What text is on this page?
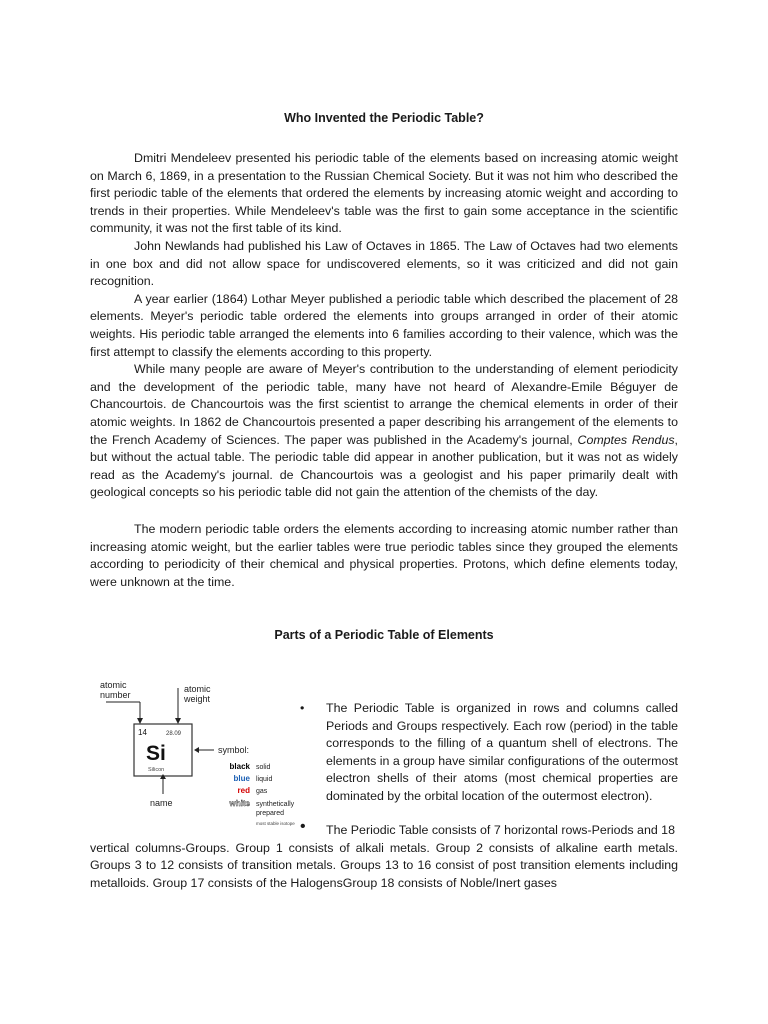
Who Invented the Periodic Table?

Dmitri Mendeleev presented his periodic table of the elements based on increasing atomic weight on March 6, 1869, in a presentation to the Russian Chemical Society. But it was not him who described the first periodic table of the elements that ordered the elements by increasing atomic weight and according to trends in their properties. While Mendeleev's table was the first to gain some acceptance in the scientific community, it was not the first table of its kind.

John Newlands had published his Law of Octaves in 1865. The Law of Octaves had two elements in one box and did not allow space for undiscovered elements, so it was criticized and did not gain recognition.

A year earlier (1864) Lothar Meyer published a periodic table which described the placement of 28 elements. Meyer's periodic table ordered the elements into groups arranged in order of their atomic weights. His periodic table arranged the elements into 6 families according to their valence, which was the first attempt to classify the elements according to this property.

While many people are aware of Meyer's contribution to the understanding of element periodicity and the development of the periodic table, many have not heard of Alexandre-Emile Béguyer de Chancourtois. de Chancourtois was the first scientist to arrange the chemical elements in order of their atomic weights. In 1862 de Chancourtois presented a paper describing his arrangement of the elements to the French Academy of Sciences. The paper was published in the Academy's journal, Comptes Rendus, but without the actual table. The periodic table did appear in another publication, but it was not as widely read as the Academy's journal. de Chancourtois was a geologist and his paper primarily dealt with geological concepts so his periodic table did not gain the attention of the chemists of the day.

The modern periodic table orders the elements according to increasing atomic number rather than increasing atomic weight, but the earlier tables were true periodic tables since they grouped the elements according to periodicity of their chemical and physical properties. Protons, which define elements today, were unknown at the time.

Parts of a Periodic Table of Elements
atomic
number
atomic
weight
14	28.09
Si
Silicon
symbol:
black solid
blue liquid
red gas
white synthetically
prepared
most stable isotope
name
• The Periodic Table is organized in rows and columns called Periods and Groups respectively. Each row (period) in the table corresponds to the filling of a quantum shell of electrons. The elements in a group have similar configurations of the outermost electron shells of their atoms (most chemical properties are dominated by the orbital location of the outermost electron).
• The Periodic Table consists of 7 horizontal rows-Periods and 18
vertical columns-Groups. Group 1 consists of alkali metals. Group 2 consists of alkaline earth metals. Groups 3 to 12 consists of transition metals. Groups 13 to 16 consist of post transition elements including metalloids. Group 17 consists of the HalogensGroup 18 consists of Noble/Inert gases
